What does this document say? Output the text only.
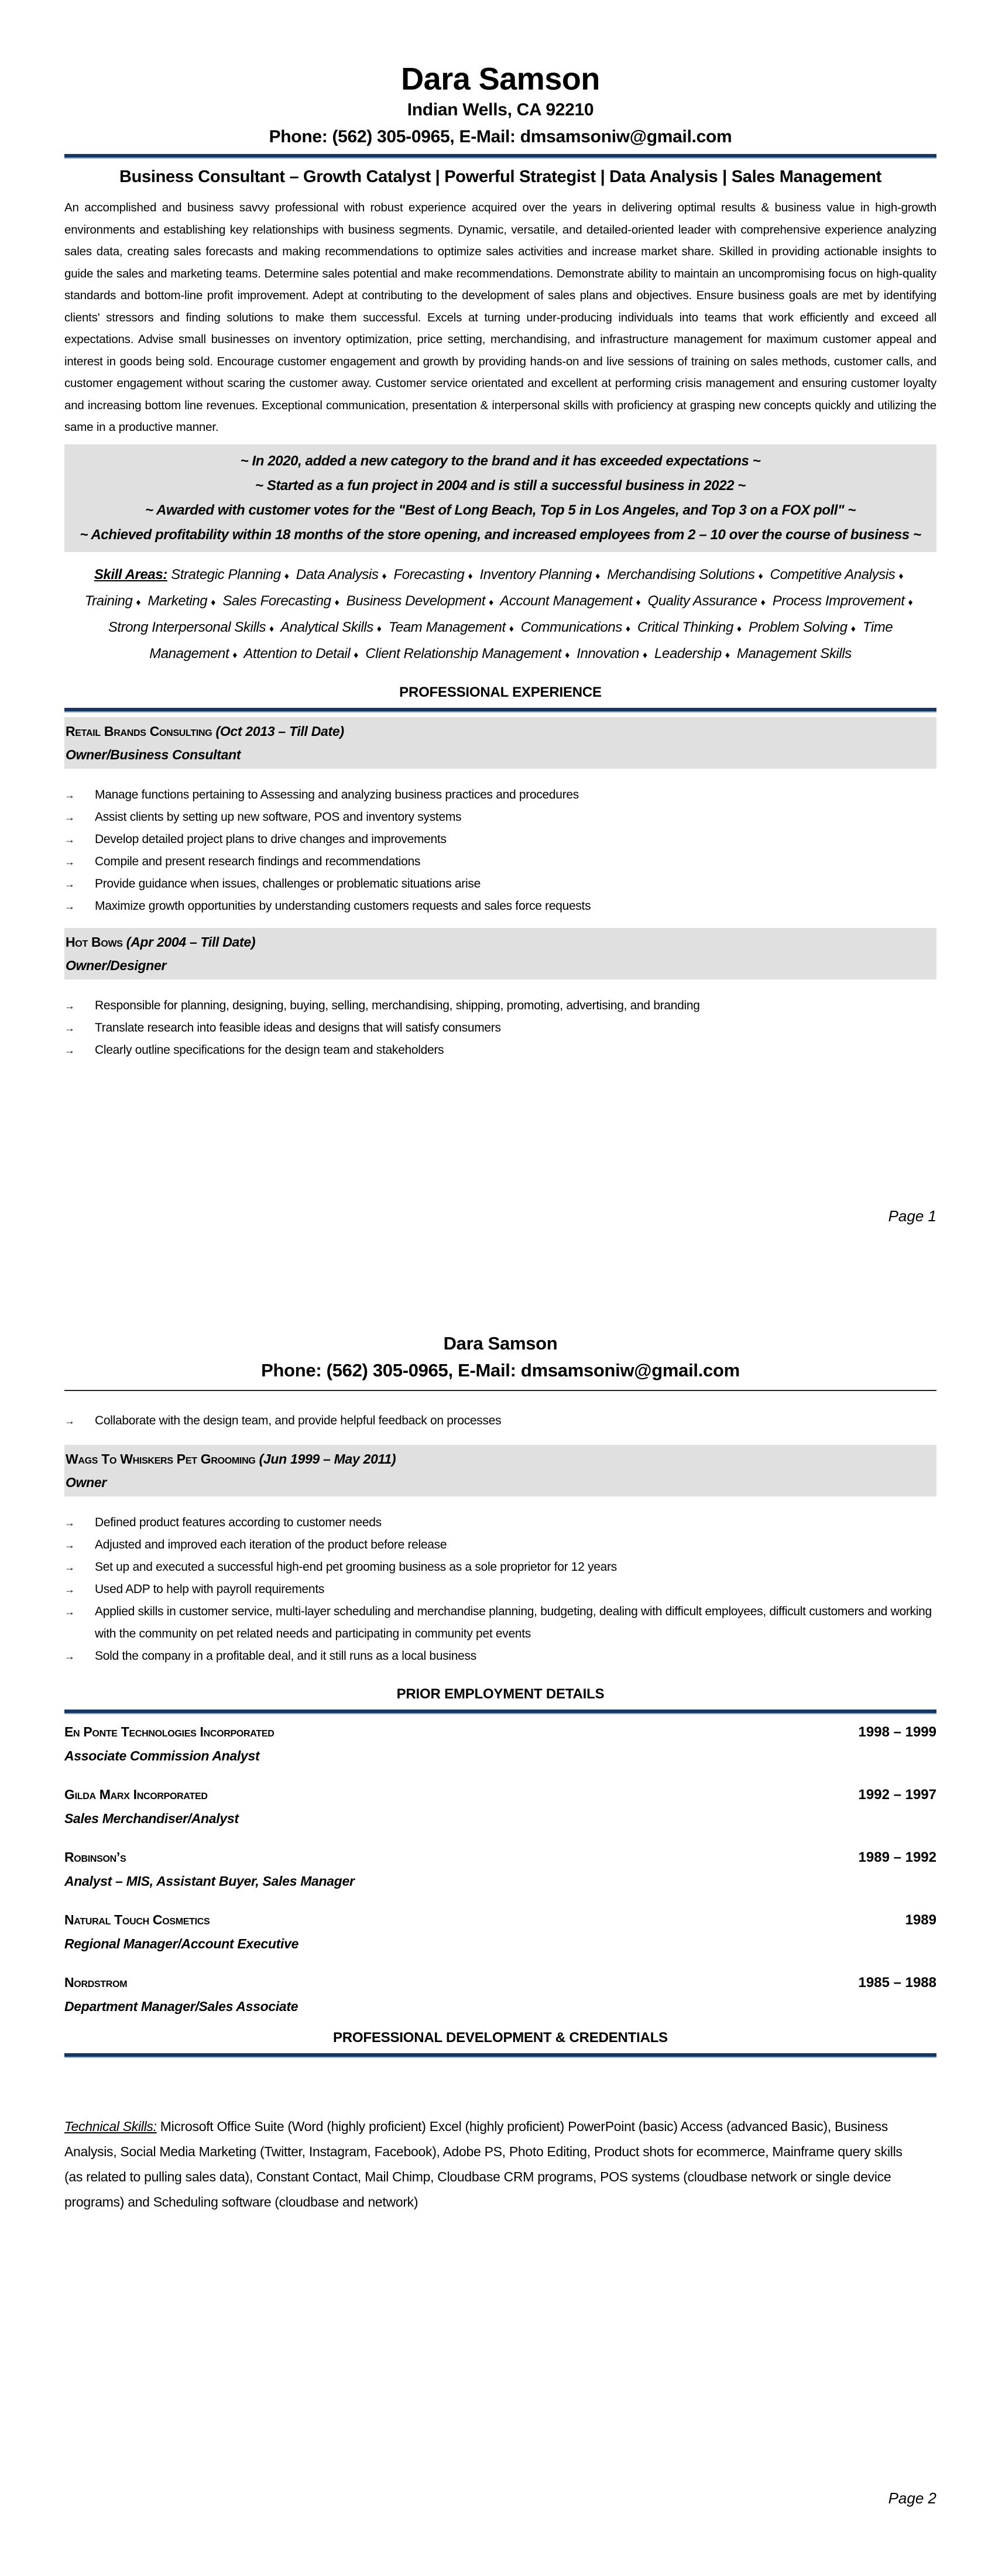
Dara Samson
Indian Wells, CA 92210
Phone: (562) 305-0965, E-Mail: dmsamsoniw@gmail.com
Business Consultant – Growth Catalyst | Powerful Strategist | Data Analysis | Sales Management
An accomplished and business savvy professional with robust experience acquired over the years in delivering optimal results & business value in high-growth environments and establishing key relationships with business segments. Dynamic, versatile, and detailed-oriented leader with comprehensive experience analyzing sales data, creating sales forecasts and making recommendations to optimize sales activities and increase market share. Skilled in providing actionable insights to guide the sales and marketing teams. Determine sales potential and make recommendations. Demonstrate ability to maintain an uncompromising focus on high-quality standards and bottom-line profit improvement. Adept at contributing to the development of sales plans and objectives. Ensure business goals are met by identifying clients' stressors and finding solutions to make them successful. Excels at turning under-producing individuals into teams that work efficiently and exceed all expectations. Advise small businesses on inventory optimization, price setting, merchandising, and infrastructure management for maximum customer appeal and interest in goods being sold. Encourage customer engagement and growth by providing hands-on and live sessions of training on sales methods, customer calls, and customer engagement without scaring the customer away. Customer service orientated and excellent at performing crisis management and ensuring customer loyalty and increasing bottom line revenues. Exceptional communication, presentation & interpersonal skills with proficiency at grasping new concepts quickly and utilizing the same in a productive manner.
~ In 2020, added a new category to the brand and it has exceeded expectations ~
~ Started as a fun project in 2004 and is still a successful business in 2022 ~
~ Awarded with customer votes for the "Best of Long Beach, Top 5 in Los Angeles, and Top 3 on a FOX poll" ~
~ Achieved profitability within 18 months of the store opening, and increased employees from 2 – 10 over the course of business ~
Skill Areas: Strategic Planning ♦ Data Analysis ♦ Forecasting ♦ Inventory Planning ♦ Merchandising Solutions ♦ Competitive Analysis ♦ Training ♦ Marketing ♦ Sales Forecasting ♦ Business Development ♦ Account Management ♦ Quality Assurance ♦ Process Improvement ♦ Strong Interpersonal Skills ♦ Analytical Skills ♦ Team Management ♦ Communications ♦ Critical Thinking ♦ Problem Solving ♦ Time Management ♦ Attention to Detail ♦ Client Relationship Management ♦ Innovation ♦ Leadership ♦ Management Skills
PROFESSIONAL EXPERIENCE
Retail Brands Consulting (Oct 2013 – Till Date)
Owner/Business Consultant
→ Manage functions pertaining to Assessing and analyzing business practices and procedures
→ Assist clients by setting up new software, POS and inventory systems
→ Develop detailed project plans to drive changes and improvements
→ Compile and present research findings and recommendations
→ Provide guidance when issues, challenges or problematic situations arise
→ Maximize growth opportunities by understanding customers requests and sales force requests
Hot Bows (Apr 2004 – Till Date)
Owner/Designer
→ Responsible for planning, designing, buying, selling, merchandising, shipping, promoting, advertising, and branding
→ Translate research into feasible ideas and designs that will satisfy consumers
→ Clearly outline specifications for the design team and stakeholders
Page 1
Dara Samson
Phone: (562) 305-0965, E-Mail: dmsamsoniw@gmail.com
→ Collaborate with the design team, and provide helpful feedback on processes
Wags To Whiskers Pet Grooming (Jun 1999 – May 2011)
Owner
→ Defined product features according to customer needs
→ Adjusted and improved each iteration of the product before release
→ Set up and executed a successful high-end pet grooming business as a sole proprietor for 12 years
→ Used ADP to help with payroll requirements
→ Applied skills in customer service, multi-layer scheduling and merchandise planning, budgeting, dealing with difficult employees, difficult customers and working with the community on pet related needs and participating in community pet events
→ Sold the company in a profitable deal, and it still runs as a local business
PRIOR EMPLOYMENT DETAILS
En Ponte Technologies Incorporated	1998 – 1999
Associate Commission Analyst
Gilda Marx Incorporated	1992 – 1997
Sales Merchandiser/Analyst
Robinson’s	1989 – 1992
Analyst – MIS, Assistant Buyer, Sales Manager
Natural Touch Cosmetics	1989
Regional Manager/Account Executive
Nordstrom	1985 – 1988
Department Manager/Sales Associate
PROFESSIONAL DEVELOPMENT & CREDENTIALS
Technical Skills: Microsoft Office Suite (Word (highly proficient) Excel (highly proficient) PowerPoint (basic) Access (advanced Basic), Business Analysis, Social Media Marketing (Twitter, Instagram, Facebook), Adobe PS, Photo Editing, Product shots for ecommerce, Mainframe query skills (as related to pulling sales data), Constant Contact, Mail Chimp, Cloudbase CRM programs, POS systems (cloudbase network or single device programs) and Scheduling software (cloudbase and network)
Page 2
